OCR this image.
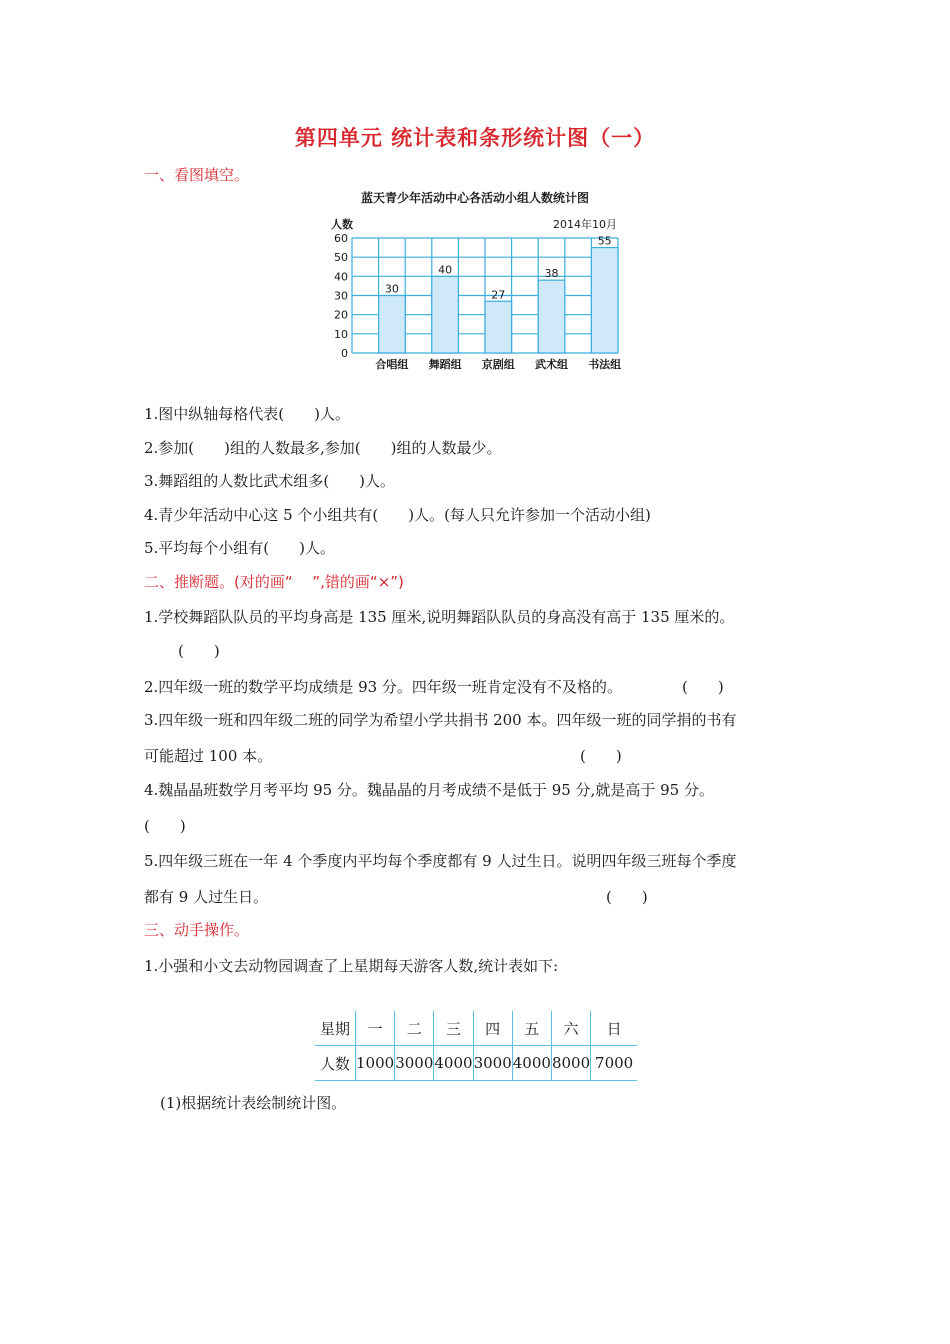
第四单元 统计表和条形统计图（一）
一、看图填空。
蓝天青少年活动中心各活动小组人数统计图
人数	2014年10月
30
40
27
38
55
0
10
20
30
40
50
60
合唱组 舞蹈组 京剧组 武术组 书法组
1.图中纵轴每格代表(　　)人。
2.参加(　　)组的人数最多,参加(　　)组的人数最少。
3.舞蹈组的人数比武术组多(　　)人。
4.青少年活动中心这 5 个小组共有(　　)人。(每人只允许参加一个活动小组)
5.平均每个小组有(　　)人。
二、推断题。(对的画“　 ”,错的画“×”)
1.学校舞蹈队队员的平均身高是 135 厘米,说明舞蹈队队员的身高没有高于 135 厘米的。
(　　)
2.四年级一班的数学平均成绩是 93 分。四年级一班肯定没有不及格的。	(　　)
3.四年级一班和四年级二班的同学为希望小学共捐书 200 本。四年级一班的同学捐的书有
可能超过 100 本。	(　　)
4.魏晶晶班数学月考平均 95 分。魏晶晶的月考成绩不是低于 95 分,就是高于 95 分。
(　　)
5.四年级三班在一年 4 个季度内平均每个季度都有 9 人过生日。说明四年级三班每个季度
都有 9 人过生日。	(　　)
三、动手操作。
1.小强和小文去动物园调查了上星期每天游客人数,统计表如下:
星期	一	二	三	四	五	六	日
人数	1000	3000	4000	3000	4000	8000	7000
(1)根据统计表绘制统计图。
